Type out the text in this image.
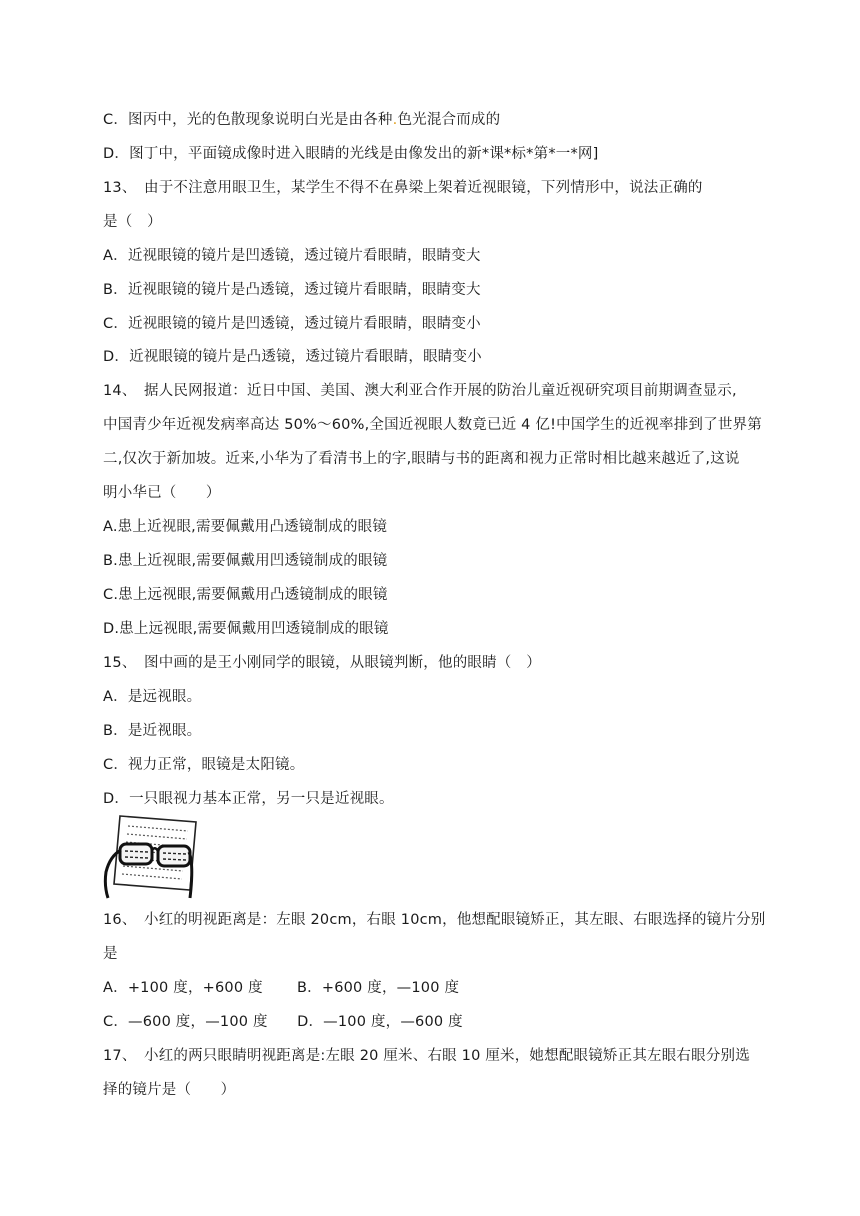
C．图丙中，光的色散现象说明白光是由各种.色光混合而成的
D．图丁中，平面镜成像时进入眼睛的光线是由像发出的新*课*标*第*一*网]
13、　由于不注意用眼卫生，某学生不得不在鼻梁上架着近视眼镜，下列情形中，说法正确的
是（　）
A．近视眼镜的镜片是凹透镜，透过镜片看眼睛，眼睛变大
B．近视眼镜的镜片是凸透镜，透过镜片看眼睛，眼睛变大
C．近视眼镜的镜片是凹透镜，透过镜片看眼睛，眼睛变小
D．近视眼镜的镜片是凸透镜，透过镜片看眼睛，眼睛变小
14、　据人民网报道：近日中国、美国、澳大利亚合作开展的防治儿童近视研究项目前期调查显示,
中国青少年近视发病率高达 50%～60%,全国近视眼人数竟已近 4 亿!中国学生的近视率排到了世界第
二,仅次于新加坡。近来,小华为了看清书上的字,眼睛与书的距离和视力正常时相比越来越近了,这说
明小华已（　　）
A.患上近视眼,需要佩戴用凸透镜制成的眼镜
B.患上近视眼,需要佩戴用凹透镜制成的眼镜
C.患上远视眼,需要佩戴用凸透镜制成的眼镜
D.患上远视眼,需要佩戴用凹透镜制成的眼镜
15、　图中画的是王小刚同学的眼镜，从眼镜判断，他的眼睛（　）
A．是远视眼。
B．是近视眼。
C．视力正常，眼镜是太阳镜。
D．一只眼视力基本正常，另一只是近视眼。
16、　小红的明视距离是：左眼 20cm，右眼 10cm，他想配眼镜矫正，其左眼、右眼选择的镜片分别
是
A．+100 度，+600 度　　 B．+600 度，—100 度
C．—600 度，—100 度　　D．—100 度，—600 度
17、　小红的两只眼睛明视距离是:左眼 20 厘米、右眼 10 厘米，她想配眼镜矫正其左眼右眼分别选
择的镜片是（　　）
